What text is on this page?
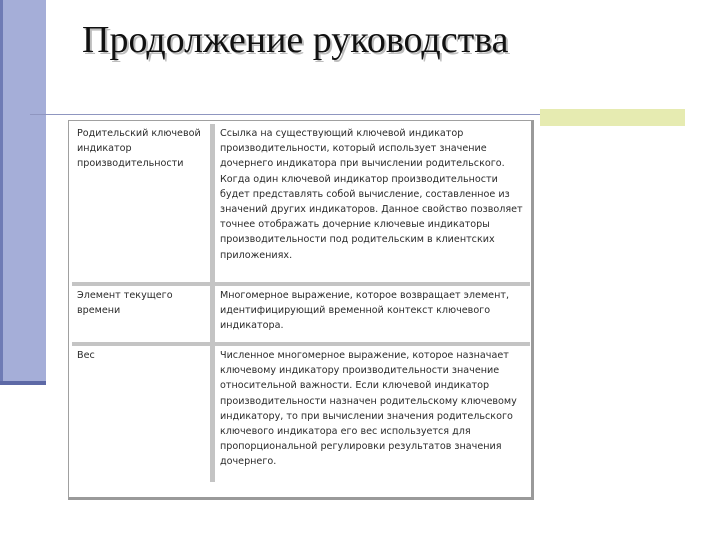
Продолжение руководства
Родительский ключевой индикатор производительности	Ссылка на существующий ключевой индикатор производительности, который использует значение дочернего индикатора при вычислении родительского. Когда один ключевой индикатор производительности будет представлять собой вычисление, составленное из значений других индикаторов. Данное свойство позволяет точнее отображать дочерние ключевые индикаторы производительности под родительским в клиентских приложениях.
Элемент текущего времени	Многомерное выражение, которое возвращает элемент, идентифицирующий временной контекст ключевого индикатора.
Вес	Численное многомерное выражение, которое назначает ключевому индикатору производительности значение относительной важности. Если ключевой индикатор производительности назначен родительскому ключевому индикатору, то при вычислении значения родительского ключевого индикатора его вес используется для пропорциональной регулировки результатов значения дочернего.
